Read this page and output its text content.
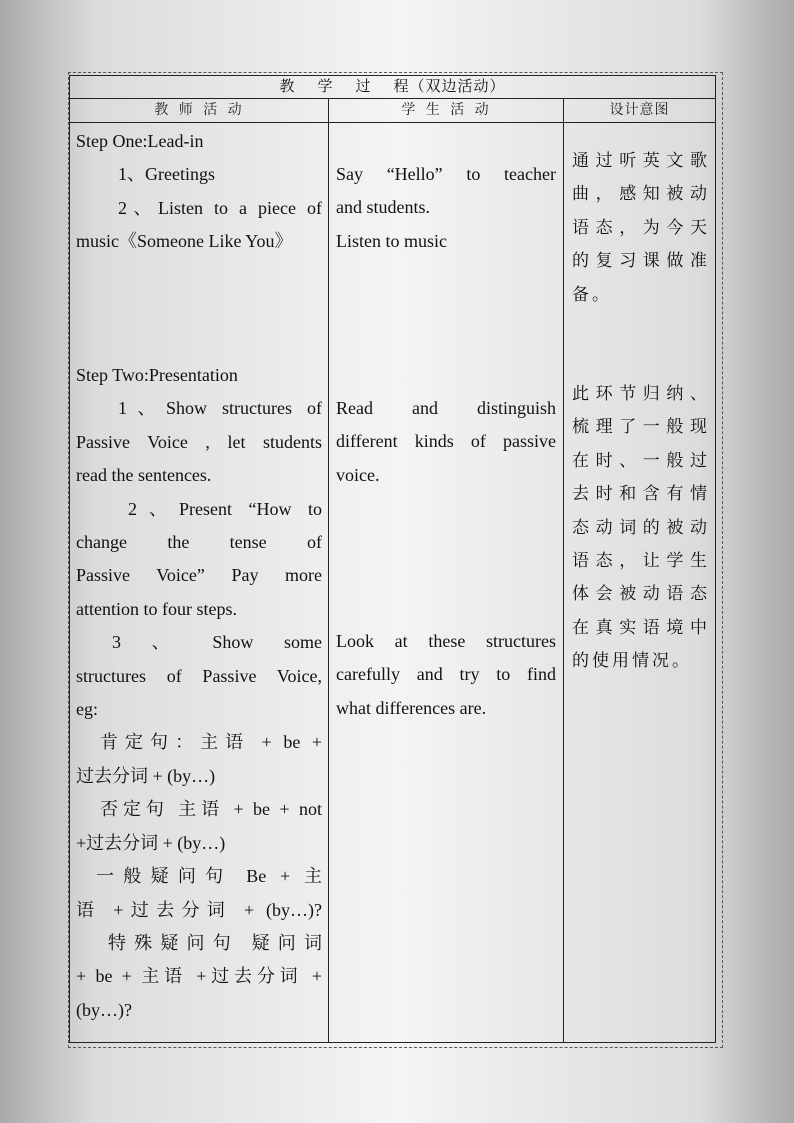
教 学 过 程（双边活动）
教 师 活 动	学 生 活 动	设计意图

Step One:Lead-in

1、Greetings

2、Listen to a piece of

music《Someone Like You》

Say “Hello” to teacher

and students.

Listen to music

通过听英文歌

曲，感知被动

语态，为今天

的复习课做准

备。

Step Two:Presentation

1、Show structures of

Passive Voice , let students

read the sentences.

2、Present “How to

change the tense of

Passive Voice” Pay more

attention to four steps.

3 、 Show some

structures of Passive Voice,

eg:

肯定句：主语 + be +

过去分词 + (by…)

否定句 主语 + be + not

+过去分词 + (by…)

一般疑问句 Be + 主

语 +过去分词 + (by…)?

特殊疑问句 疑问词

+ be + 主语 +过去分词 +

(by…)?

Read and distinguish

different kinds of passive

voice.

Look at these structures

carefully and try to find

what differences are.

此环节归纳、

梳理了一般现

在时、一般过

去时和含有情

态动词的被动

语态，让学生

体会被动语态

在真实语境中

的使用情况。
